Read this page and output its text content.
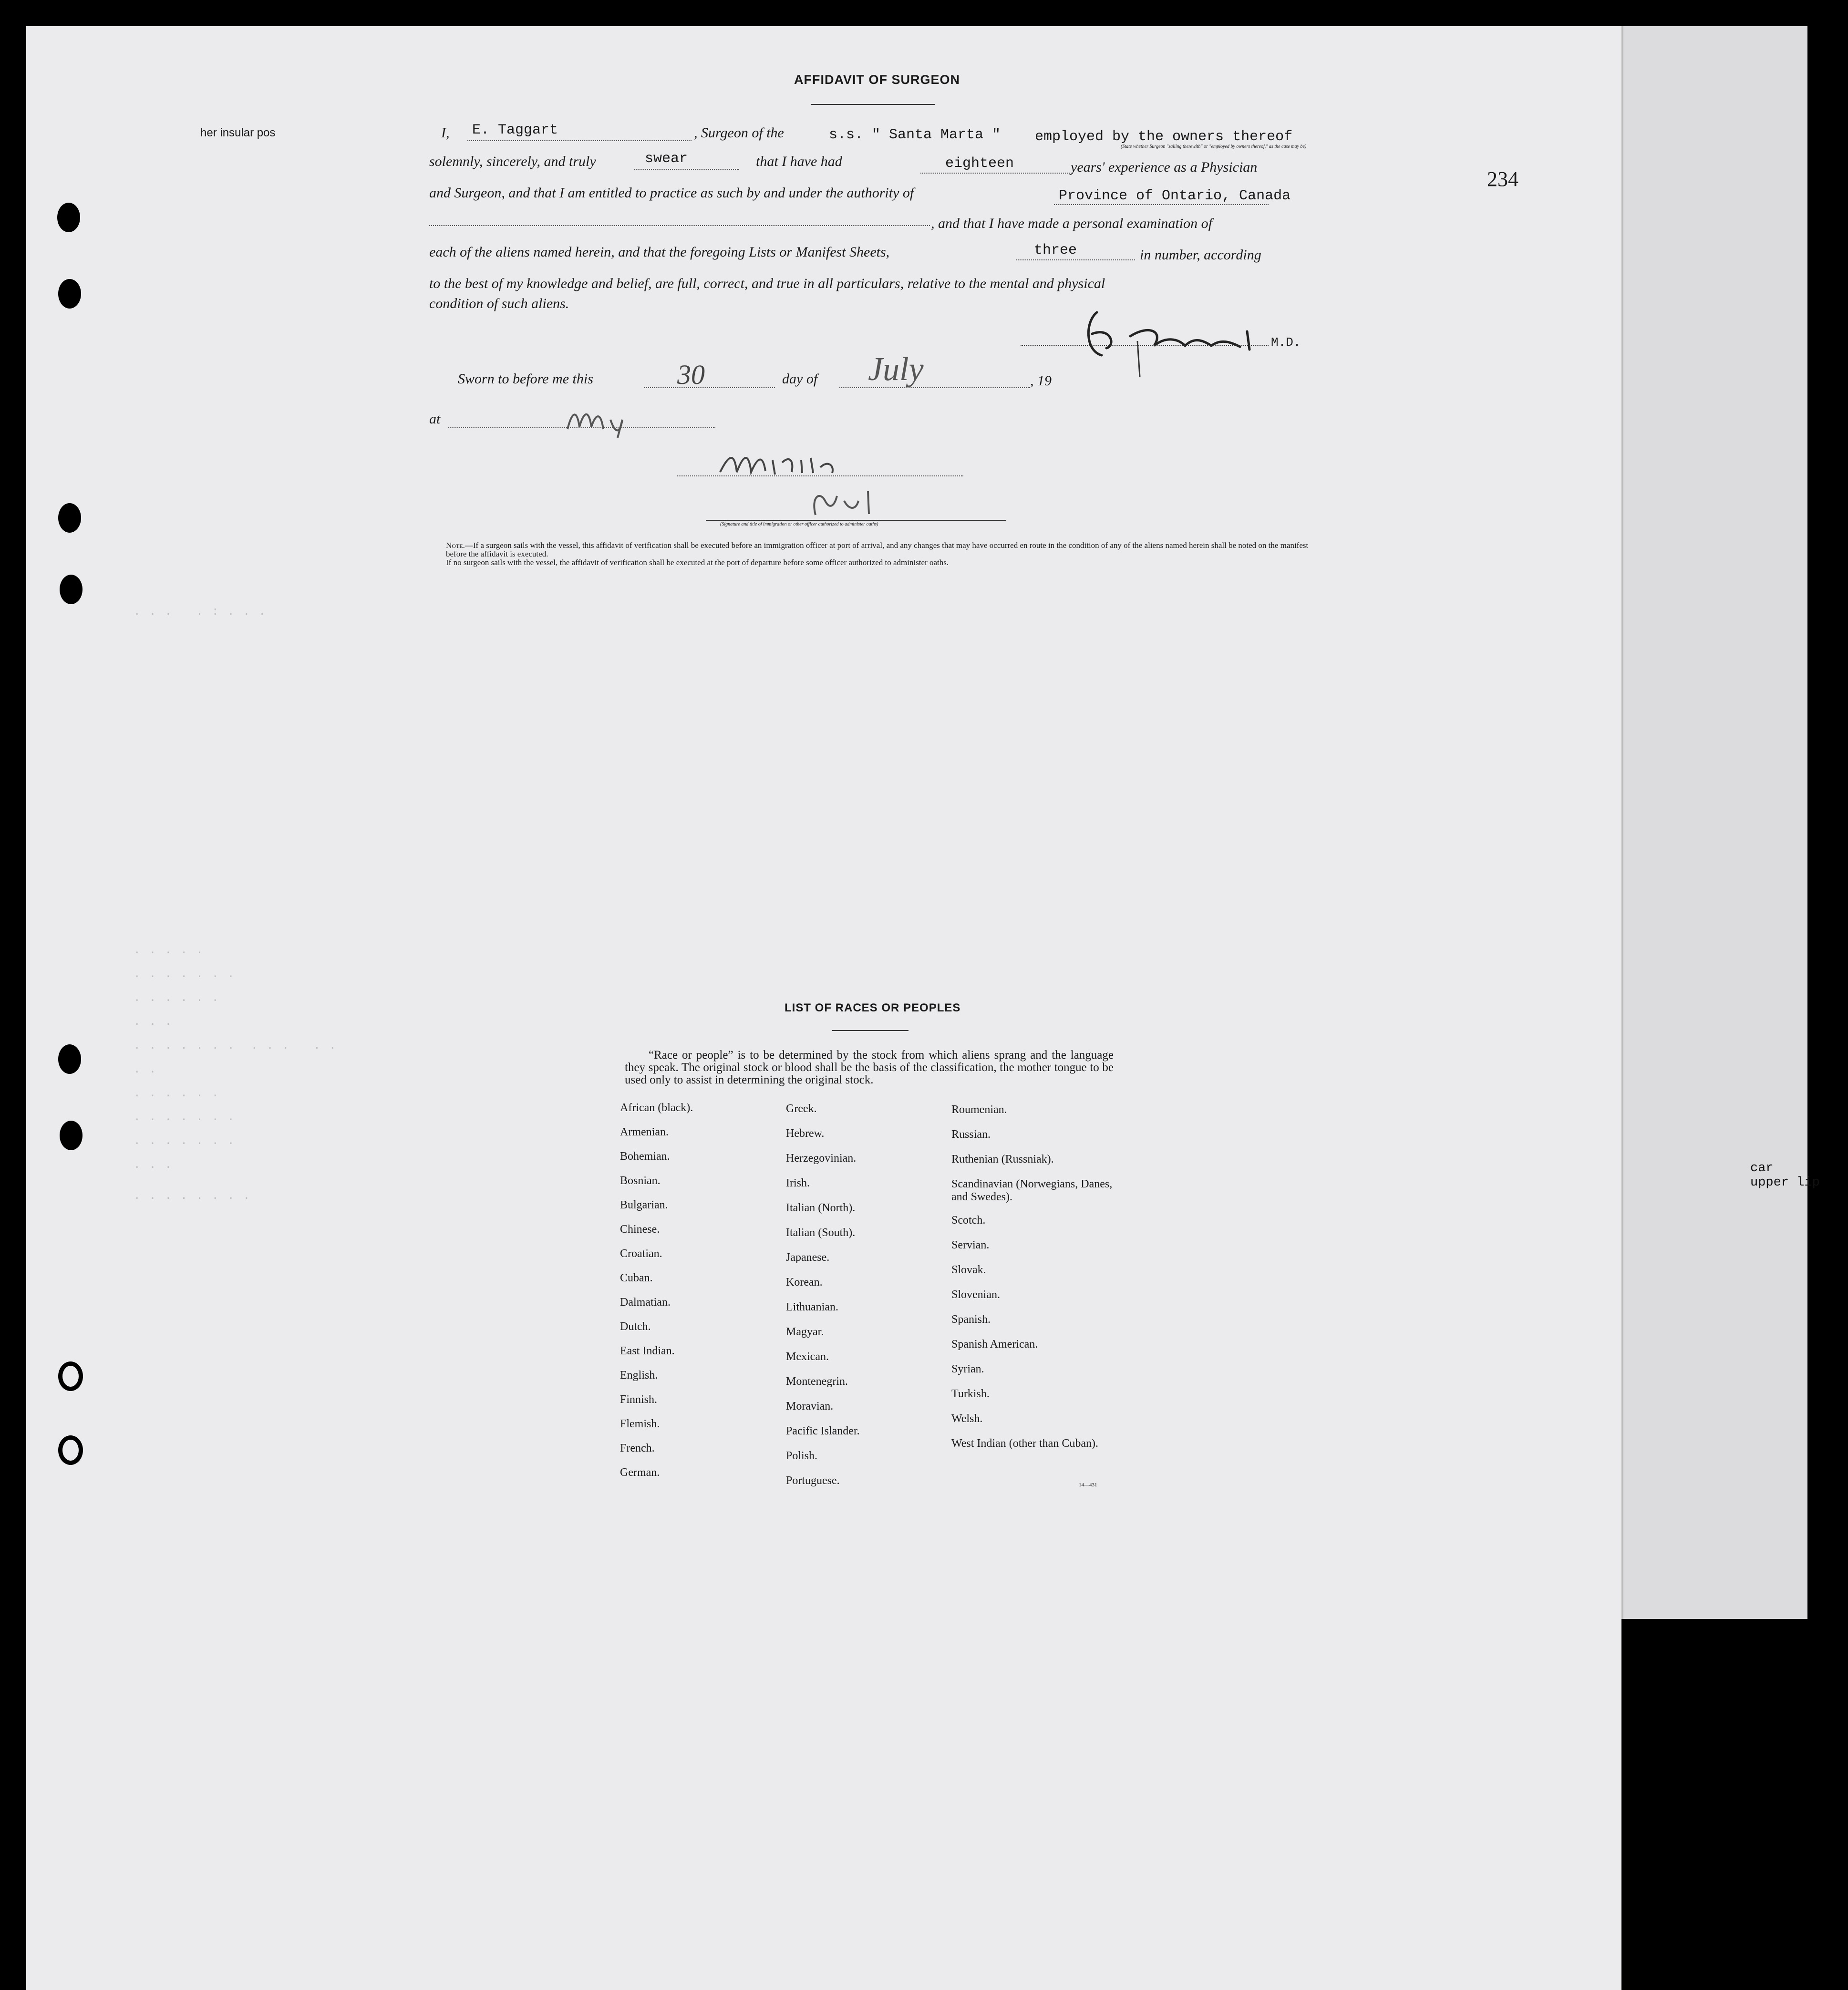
AFFIDAVIT OF SURGEON
her insular pos	I, E. Taggart	, Surgeon of the	s.s. " Santa Marta " employed by the owners thereof
(State whether Surgeon "sailing therewith" or "employed by owners thereof," as the case may be)
solemnly, sincerely, and truly	swear	that I have had	eighteen	years' experience as a Physician
and Surgeon, and that I am entitled to practice as such by and under the authority of	Province of Ontario, Canada
, and that I have made a personal examination of
each of the aliens named herein, and that the foregoing Lists or Manifest Sheets,	three	in number, according
to the best of my knowledge and belief, are full, correct, and true in all particulars, relative to the mental and physical
condition of such aliens.
M.D.
Sworn to before me this	30	day of July	, 19
at
(Signature and title of immigration or other officer authorized to administer oaths)
Note.—If a surgeon sails with the vessel, this affidavit of verification shall be executed before an immigration officer at port of arrival, and any changes that may have occurred en route in the condition of any of the aliens named herein shall be noted on the manifest before the affidavit is executed.
If no surgeon sails with the vessel, the affidavit of verification shall be executed at the port of departure before some officer authorized to administer oaths.
234
. . .   . : . . .
. . . . .
. . . . . . .
. . . . . .
. . .
. . . . . . .  . . .   . .
. .
. . . . . .
. . . . . . .
. . . . . . .
. . .
. . . . . . . .
LIST OF RACES OR PEOPLES
“Race or people” is to be determined by the stock from which aliens sprang and the language they speak. The original stock or blood shall be the basis of the classification, the mother tongue to be used only to assist in determining the original stock.
African (black).
Armenian.
Bohemian.
Bosnian.
Bulgarian.
Chinese.
Croatian.
Cuban.
Dalmatian.
Dutch.
East Indian.
English.
Finnish.
Flemish.
French.
German.
Greek.
Hebrew.
Herzegovinian.
Irish.
Italian (North).
Italian (South).
Japanese.
Korean.
Lithuanian.
Magyar.
Mexican.
Montenegrin.
Moravian.
Pacific Islander.
Polish.
Portuguese.
Roumenian.
Russian.
Ruthenian (Russniak).
Scandinavian (Norwegians, Danes, and Swedes).
Scotch.
Servian.
Slovak.
Slovenian.
Spanish.
Spanish American.
Syrian.
Turkish.
Welsh.
West Indian (other than Cuban).
14—431
car
upper lip
